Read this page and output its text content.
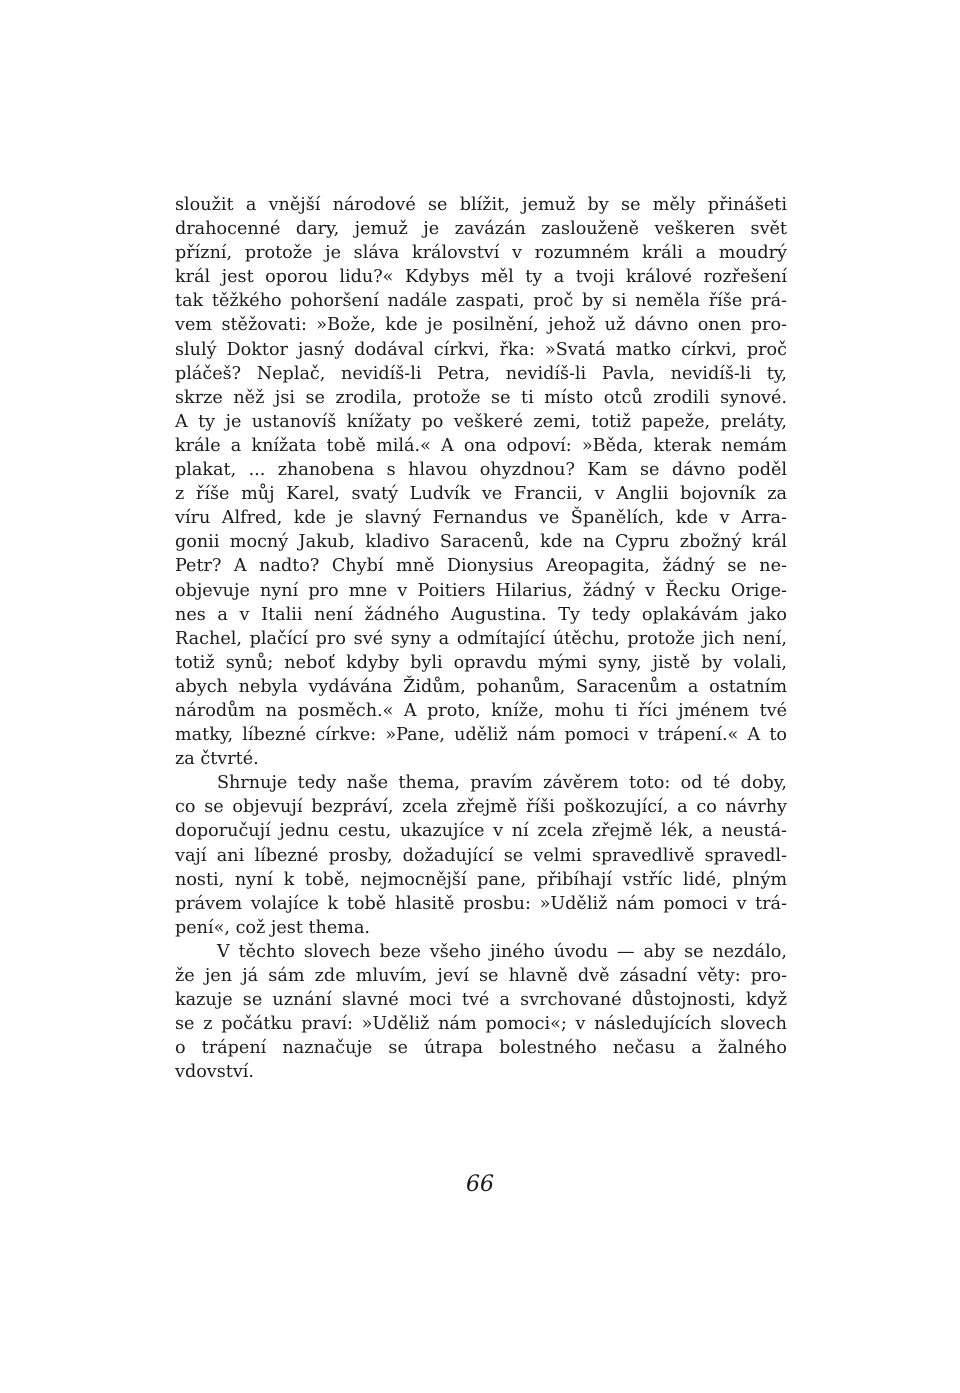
sloužit a vnější národové se blížit, jemuž by se měly přinášeti
drahocenné dary, jemuž je zavázán zaslouženě veškeren svět
přízní, protože je sláva království v rozumném králi a moudrý
král jest oporou lidu?« Kdybys měl ty a tvoji králové rozřešení
tak těžkého pohoršení nadále zaspati, proč by si neměla říše prá-
vem stěžovati: »Bože, kde je posilnění, jehož už dávno onen pro-
slulý Doktor jasný dodával církvi, řka: »Svatá matko církvi, proč
pláčeš? Neplač, nevidíš-li Petra, nevidíš-li Pavla, nevidíš-li ty,
skrze něž jsi se zrodila, protože se ti místo otců zrodili synové.
A ty je ustanovíš knížaty po veškeré zemi, totiž papeže, preláty,
krále a knížata tobě milá.« A ona odpoví: »Běda, kterak nemám
plakat, ... zhanobena s hlavou ohyzdnou? Kam se dávno poděl
z říše můj Karel, svatý Ludvík ve Francii, v Anglii bojovník za
víru Alfred, kde je slavný Fernandus ve Španělích, kde v Arra-
gonii mocný Jakub, kladivo Saracenů, kde na Cypru zbožný král
Petr? A nadto? Chybí mně Dionysius Areopagita, žádný se ne-
objevuje nyní pro mne v Poitiers Hilarius, žádný v Řecku Orige-
nes a v Italii není žádného Augustina. Ty tedy oplakávám jako
Rachel, plačící pro své syny a odmítající útěchu, protože jich není,
totiž synů; neboť kdyby byli opravdu mými syny, jistě by volali,
abych nebyla vydávána Židům, pohanům, Saracenům a ostatním
národům na posměch.« A proto, kníže, mohu ti říci jménem tvé
matky, líbezné církve: »Pane, uděliž nám pomoci v trápení.« A to
za čtvrté.

Shrnuje tedy naše thema, pravím závěrem toto: od té doby,
co se objevují bezpráví, zcela zřejmě říši poškozující, a co návrhy
doporučují jednu cestu, ukazujíce v ní zcela zřejmě lék, a neustá-
vají ani líbezné prosby, dožadující se velmi spravedlivě spravedl-
nosti, nyní k tobě, nejmocnější pane, přibíhají vstříc lidé, plným
právem volajíce k tobě hlasitě prosbu: »Uděliž nám pomoci v trá-
pení«, což jest thema.

V těchto slovech beze všeho jiného úvodu — aby se nezdálo,
že jen já sám zde mluvím, jeví se hlavně dvě zásadní věty: pro-
kazuje se uznání slavné moci tvé a svrchované důstojnosti, když
se z počátku praví: »Uděliž nám pomoci«; v následujících slovech
o trápení naznačuje se útrapa bolestného nečasu a žalného
vdovství.

66
